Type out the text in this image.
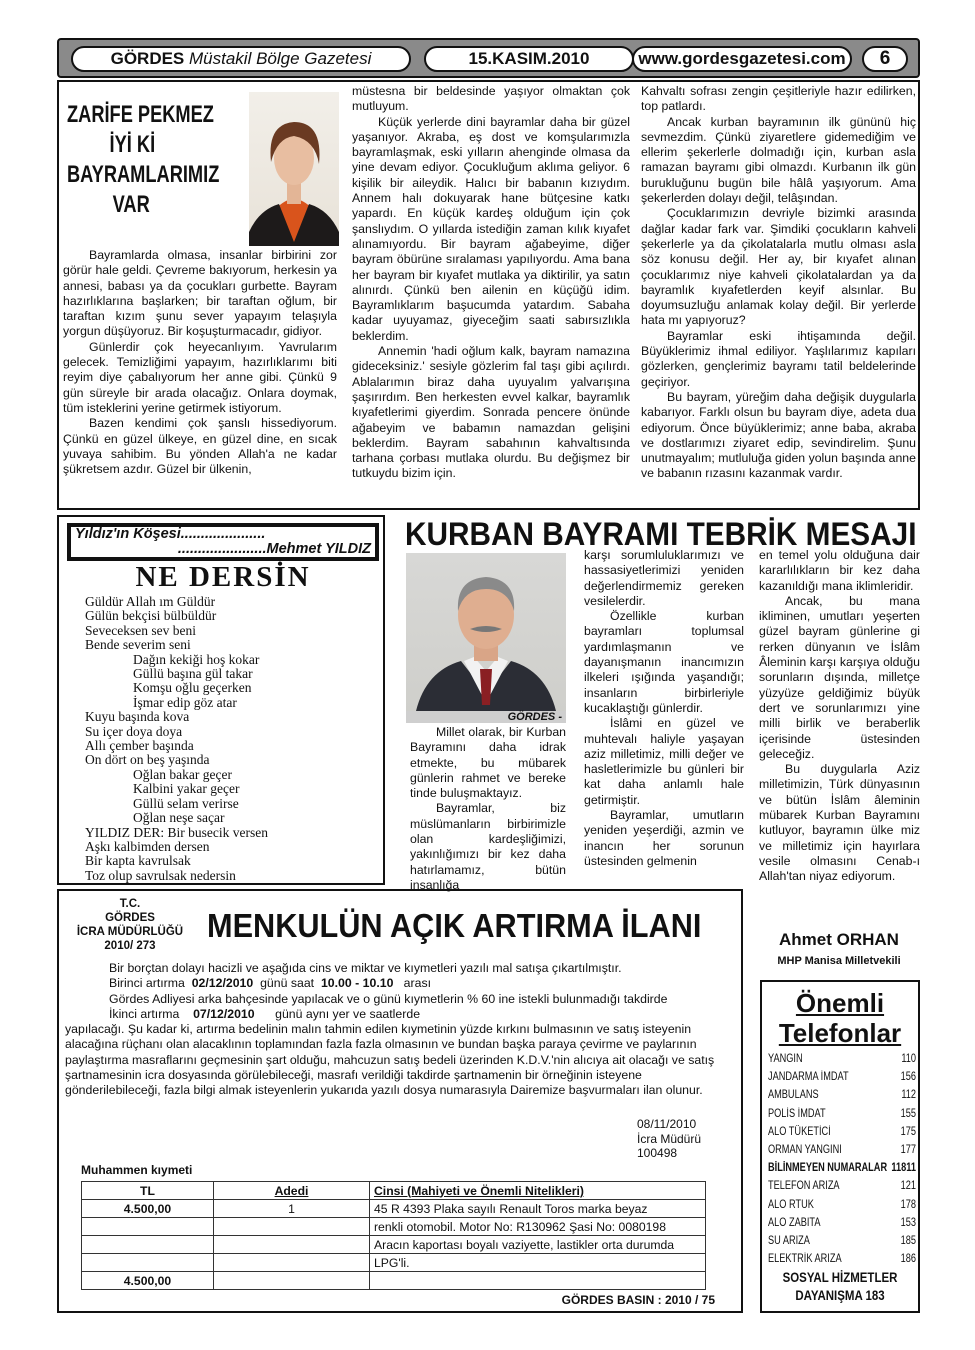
GÖRDES Müstakil Bölge Gazetesi	15.KASIM.2010	www.gordesgazetesi.com	6
ZARİFE PEKMEZ
İYİ Kİ
BAYRAMLARIMIZ
VAR

Bayramlarda olmasa, insanlar birbirini zor görür hale geldi. Çevreme bakıyorum, herkesin ya annesi, babası ya da çocukları gurbette. Bayram hazırlıklarına başlarken; bir taraftan oğlum, bir taraftan kızım şunu sever yapayım telaşıyla yorgun düşüyoruz. Bir koşuşturmacadır, gidiyor.

Günlerdir çok heyecanlıyım. Yavrularım gelecek. Temizliğimi yapayım, hazırlıklarımı biti reyim diye çabalıyorum her anne gibi. Çünkü 9 gün süreyle bir arada olacağız. Onlara doymak, tüm isteklerini yerine getirmek istiyorum.

Bazen kendimi çok şanslı hissediyorum. Çünkü en güzel ülkeye, en güzel dine, en sıcak yuvaya sahibim. Bu yönden Allah'a ne kadar şükretsem azdır. Güzel bir ülkenin,

müstesna bir beldesinde yaşıyor olmaktan çok mutluyum.

Küçük yerlerde dini bayramlar daha bir güzel yaşanıyor. Akraba, eş dost ve komşularımızla bayramlaşmak, eski yılların ahenginde olmasa da yine devam ediyor. Çocukluğum aklıma geliyor. 6 kişilik bir aileydik. Halıcı bir babanın kızıydım. Annem halı dokuyarak hane bütçesine katkı yapardı. En küçük kardeş olduğum için çok şanslıydım. O yıllarda istediğin zaman kılık kıyafet alınamıyordu. Bir bayram ağabeyime, diğer bayram öbürüne sıralaması yapılıyordu. Ama bana her bayram bir kıyafet mutlaka ya diktirilir, ya satın alınırdı. Çünkü ben ailenin en küçüğü idim. Bayramlıklarım başucumda yatardım. Sabaha kadar uyuyamaz, giyeceğim saati sabırsızlıkla beklerdim.

Annemin 'hadi oğlum kalk, bayram namazına gideceksiniz.' sesiyle gözlerim fal taşı gibi açılırdı. Ablalarımın biraz daha uyuyalım yalvarışına şaşırırdım. Ben herkesten evvel kalkar, bayramlık kıyafetlerimi giyerdim. Sonrada pencere önünde ağabeyim ve babamın namazdan gelişini beklerdim. Bayram sabahının kahvaltısında tarhana çorbası mutlaka olurdu. Bu değişmez bir tutkuydu bizim için.

Kahvaltı sofrası zengin çeşitleriyle hazır edilirken, top patlardı.

Ancak kurban bayramının ilk gününü hiç sevmezdim. Çünkü ziyaretlere gidemediğim ve ellerim şekerlerle dolmadığı için, kurban asla ramazan bayramı gibi olmazdı. Kurbanın ilk gün burukluğunu bugün bile hâlâ yaşıyorum. Ama şekerlerden dolayı değil, telâşından.

Çocuklarımızın devriyle bizimki arasında dağlar kadar fark var. Şimdiki çocukların kahveli şekerlerle ya da çikolatalarla mutlu olması asla söz konusu değil. Her ay, bir kıyafet alınan çocuklarımız niye kahveli çikolatalardan ya da bayramlık kıyafetlerden keyif alsınlar. Bu doyumsuzluğu anlamak kolay değil. Bir yerlerde hata mı yapıyoruz?

Bayramlar eski ihtişamında değil. Büyüklerimiz ihmal ediliyor. Yaşlılarımız kapıları gözlerken, gençlerimiz bayramı tatil beldelerinde geçiriyor.

Bu bayram, yüreğim daha değişik duygularla kabarıyor. Farklı olsun bu bayram diye, adeta dua ediyorum. Önce büyüklerimiz; anne baba, akraba ve dostlarımızı ziyaret edip, sevindirelim. Şunu unutmayalım; mutluluğa giden yolun başında anne ve babanın rızasını kazanmak vardır.

Yıldız'ın Köşesi.....................
......................Mehmet YILDIZ
NE DERSİN
Güldür Allah ım Güldür
Gülün bekçisi bülbüldür
Seveceksen sev beni
Bende severim seni
Dağın kekiği hoş kokar
Güllü başına gül takar
Komşu oğlu geçerken
İşmar edip göz atar
Kuyu başında kova
Su içer doya doya
Allı çember başında
On dört on beş yaşında
Oğlan bakar geçer
Kalbini yakar geçer
Güllü selam verirse
Oğlan neşe saçar
YILDIZ DER: Bir busecik versen
Aşkı kalbimden dersen
Bir kapta kavrulsak
Toz olup savrulsak nedersin
KURBAN BAYRAMI TEBRİK MESAJI
GÖRDES -

Millet olarak, bir Kurban Bayramını daha idrak etmekte, bu mübarek günlerin rahmet ve bereke tinde buluşmaktayız.

Bayramlar, biz müslümanların birbirimizle olan kardeşliğimizi, yakınlığımızı bir kez daha hatırlamamız, bütün insanlığa

karşı sorumluluklarımızı ve hassasiyetlerimizi yeniden değerlendirmemiz gereken vesilelerdir.

Özellikle kurban bayramları toplumsal yardımlaşmanın ve dayanışmanın inancımızın ilkeleri ışığında yaşandığı; insanların birbirleriyle kucaklaştığı günlerdir.

İslâmi en güzel ve muhtevalı haliyle yaşayan aziz milletimiz, milli değer ve hasletlerimizle bu günleri bir kat daha anlamlı hale getirmiştir.

Bayramlar, umutların yeniden yeşerdiği, azmin ve inancın her sorunun üstesinden gelmenin

en temel yolu olduğuna dair kararlılıkların bir kez daha kazanıldığı mana iklimleridir.

Ancak, bu mana ikliminen, umutları yeşerten güzel bayram günlerine gi rerken dünyanın ve İslâm Âleminin karşı karşıya olduğu sorunların dışında, milletçe yüzyüze geldiğimiz büyük dert ve sorunlarımızı yine milli birlik ve beraberlik içerisinde üstesinden geleceğiz.

Bu duygularla Aziz milletimizin, Türk dünyasının ve bütün İslâm âleminin mübarek Kurban Bayramını kutluyor, bayramın ülke miz ve milletimiz için hayırlara vesile olmasını Cenab-ı Allah'tan niyaz ediyorum.

Ahmet ORHAN
MHP Manisa Milletvekili
T.C.
GÖRDES
İCRA MÜDÜRLÜĞÜ
2010/ 273
MENKULÜN AÇIK ARTIRMA İLANI

Bir borçtan dolayı hacizli ve aşağıda cins ve miktar ve kıymetleri yazılı mal satışa çıkartılmıştır.

Birinci artırma 02/12/2010 günü saat 10.00 - 10.10 arası

Gördes Adliyesi arka bahçesinde yapılacak ve o günü kıymetlerin % 60 ine istekli bulunmadığı takdirde

İkinci artırma 07/12/2010 günü aynı yer ve saatlerde

yapılacağı. Şu kadar ki, artırma bedelinin malın tahmin edilen kıymetinin yüzde kırkını bulmasının ve satış isteyenin alacağına rüçhanı olan alacaklının toplamından fazla fazla olmasının ve bundan başka paraya çevirme ve paylarının paylaştırma masraflarını geçmesinin şart olduğu, mahcuzun satış bedeli üzerinden K.D.V.'nin alıcıya ait olacağı ve satış şartnamesinin icra dosyasında görülebileceği, masrafı verildiği takdirde şartnamenin bir örneğinin isteyene gönderilebileceği, fazla bilgi almak isteyenlerin yukarıda yazılı dosya numarasıyla Dairemize başvurmaları ilan olunur.

08/11/2010
İcra Müdürü
100498
Muhammen kıymeti
TL	Adedi	Cinsi (Mahiyeti ve Önemli Nitelikleri)
4.500,00	1	45 R 4393 Plaka sayılı Renault Toros marka beyaz
		renkli otomobil. Motor No: R130962 Şasi No: 0080198
		Aracın kaportası boyalı vaziyette, lastikler orta durumda
		LPG'li.
4.500,00		
GÖRDES BASIN : 2010 / 75
Önemli
Telefonlar
YANGIN	110
JANDARMA İMDAT	156
AMBULANS	112
POLİS İMDAT	155
ALO TÜKETİCİ	175
ORMAN YANGINI	177
BİLİNMEYEN NUMARALAR 11811
TELEFON ARIZA	121
ALO RTÜK	178
ALO ZABITA	153
SU ARIZA	185
ELEKTRİK ARIZA	186
SOSYAL HİZMETLER
DAYANIŞMA 183
